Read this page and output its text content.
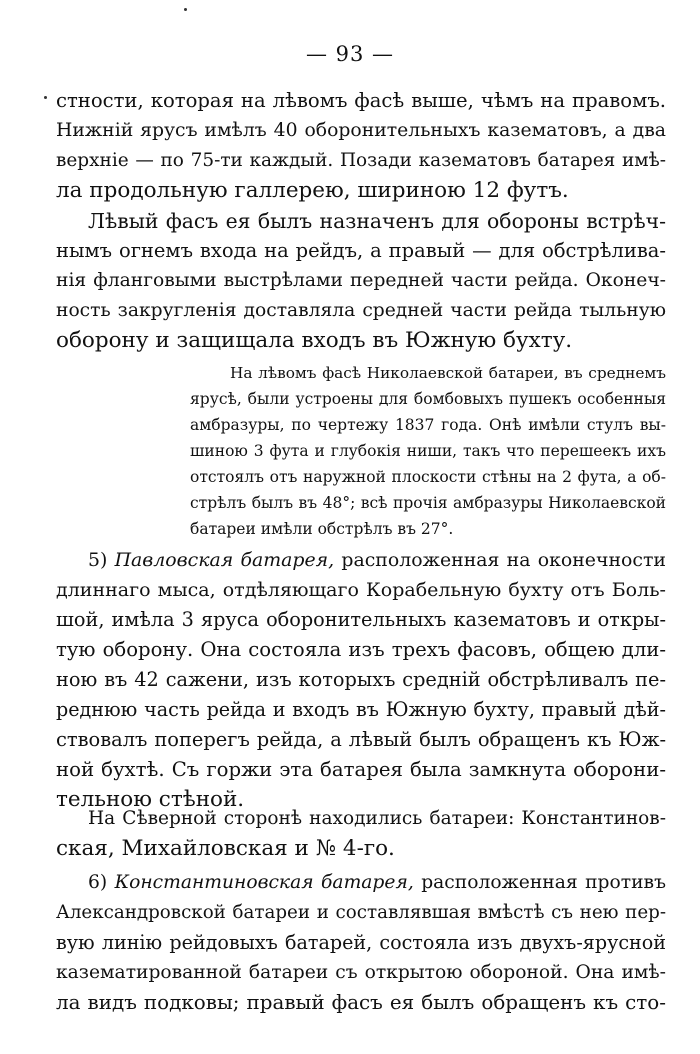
— 93 —
стности, которая на лѣвомъ фасѣ выше, чѣмъ на правомъ.
Нижній ярусъ имѣлъ 40 оборонительныхъ казематовъ, а два
верхніе — по 75-ти каждый. Позади казематовъ батарея имѣ-
ла продольную галлерею, шириною 12 футъ.
Лѣвый фасъ ея былъ назначенъ для обороны встрѣч-
нымъ огнемъ входа на рейдъ, а правый — для обстрѣлива-
нія фланговыми выстрѣлами передней части рейда. Оконеч-
ность закругленія доставляла средней части рейда тыльную
оборону и защищала входъ въ Южную бухту.
На лѣвомъ фасѣ Николаевской батареи, въ среднемъ
ярусѣ, были устроены для бомбовыхъ пушекъ особенныя
амбразуры, по чертежу 1837 года. Онѣ имѣли стулъ вы-
шиною 3 фута и глубокія ниши, такъ что перешеекъ ихъ
отстоялъ отъ наружной плоскости стѣны на 2 фута, а об-
стрѣлъ былъ въ 48°; всѣ прочія амбразуры Николаевской
батареи имѣли обстрѣлъ въ 27°.
5) Павловская батарея, расположенная на оконечности
длиннаго мыса, отдѣляющаго Корабельную бухту отъ Боль-
шой, имѣла 3 яруса оборонительныхъ казематовъ и откры-
тую оборону. Она состояла изъ трехъ фасовъ, общею дли-
ною въ 42 сажени, изъ которыхъ средній обстрѣливалъ пе-
реднюю часть рейда и входъ въ Южную бухту, правый дѣй-
ствовалъ поперегъ рейда, а лѣвый былъ обращенъ къ Юж-
ной бухтѣ. Съ горжи эта батарея была замкнута оборони-
тельною стѣной.
На Сѣверной сторонѣ находились батареи: Константинов-
ская, Михайловская и № 4-го.
6) Константиновская батарея, расположенная противъ
Александровской батареи и составлявшая вмѣстѣ съ нею пер-
вую линію рейдовыхъ батарей, состояла изъ двухъ-ярусной
казематированной батареи съ открытою обороной. Она имѣ-
ла видъ подковы; правый фасъ ея былъ обращенъ къ сто-
